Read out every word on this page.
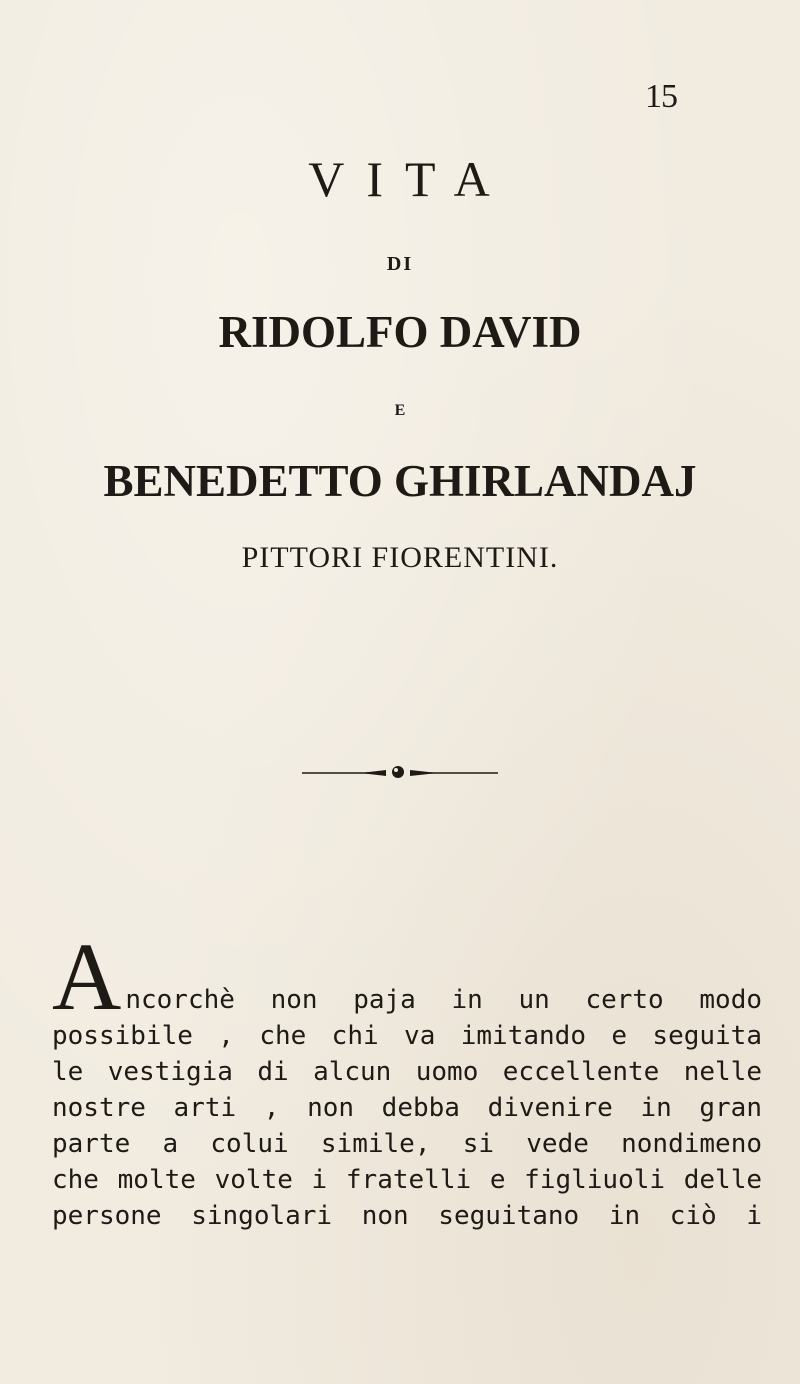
15
VITA
DI
RIDOLFO DAVID
E
BENEDETTO GHIRLANDAJ
PITTORI FIORENTINI.
A ncorchè non paja in un certo modo
possibile , che chi va imitando e seguita
le vestigia di alcun uomo eccellente nelle
nostre arti , non debba divenire in gran
parte a colui simile, si vede nondimeno
che molte volte i fratelli e figliuoli delle
persone singolari non seguitano in ciò i
